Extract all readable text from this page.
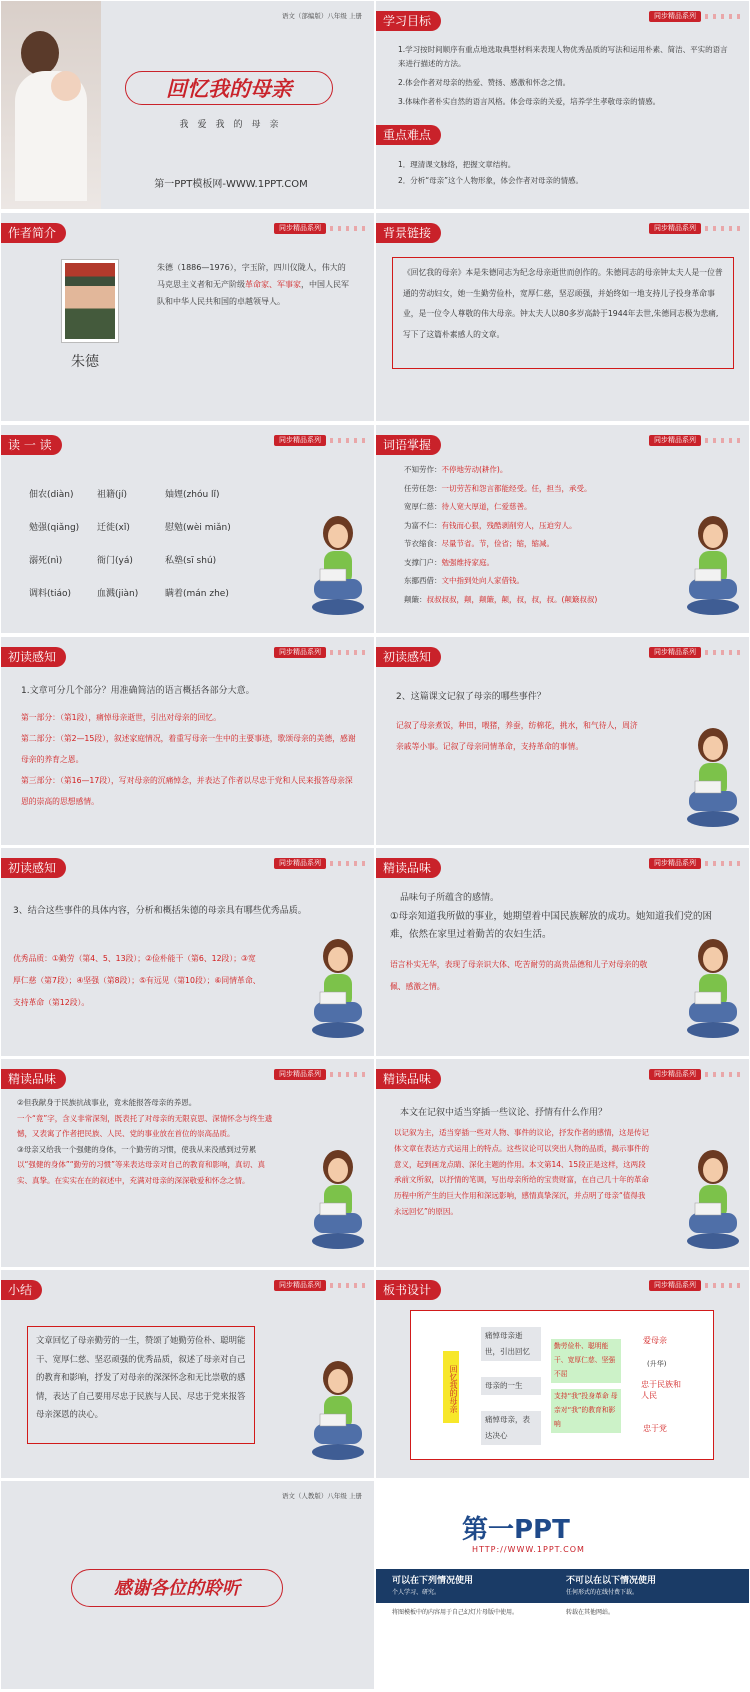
语文（部编版）八年级 上册
回忆我的母亲
我　爱　我　的　母　亲
第一PPT模板网-WWW.1PPT.COM
学习目标	同步精品系列

1.学习按时间顺序有重点地选取典型材料来表现人物优秀品质的写法和运用朴素、简洁、平实的语言来进行描述的方法。

2.体会作者对母亲的热爱、赞扬、感激和怀念之情。

3.体味作者朴实自然的语言风格。体会母亲的关爱，培养学生孝敬母亲的情感。

重点难点

1．理清课文脉络，把握文章结构。

2．分析“母亲”这个人物形象，体会作者对母亲的情感。

作者简介	同步精品系列
朱德
朱德（1886—1976），字玉阶，四川仪陇人，伟大的马克思主义者和无产阶级革命家、军事家，中国人民军队和中华人民共和国的卓越领导人。
背景链接	同步精品系列
《回忆我的母亲》本是朱德同志为纪念母亲逝世而创作的。朱德同志的母亲钟太夫人是一位普通的劳动妇女，她一生勤劳俭朴，宽厚仁慈，坚忍顽强，并始终如一地支持儿子投身革命事业，是一位令人尊敬的伟大母亲。钟太夫人以80多岁高龄于1944年去世,朱德同志极为悲痛,写下了这篇朴素感人的文章。
读 一 读	同步精品系列
佃农(diàn)	祖籍(jí)	妯娌(zhóu lǐ)
勉强(qiǎng)	迁徙(xǐ)	慰勉(wèi miǎn)
溺死(nì)	衙门(yá)	私塾(sī shú)
调料(tiáo)	血溅(jiàn)	瞒着(mán zhe)
词语掌握	同步精品系列
不知劳作：不停地劳动(耕作)。
任劳任怨：一切劳苦和怨言都能经受。任，担当，承受。
宽厚仁慈：待人宽大厚道，仁爱慈善。
为富不仁：有钱而心狠，残酷剥削穷人，压迫穷人。
节衣缩食：尽量节省。节，俭省；缩，缩减。
支撑门户：勉强维持家庭。
东挪西借：文中指到处向人家借钱。
颠簸：叔叔叔叔，颠，颠簸，颠，叔，叔，叔。(颠簸叔叔)
初读感知	同步精品系列
1.文章可分几个部分？用准确简洁的语言概括各部分大意。

第一部分：（第1段），痛悼母亲逝世，引出对母亲的回忆。

第二部分：（第2—15段），叙述家庭情况，着重写母亲一生中的主要事迹，歌颂母亲的美德，感谢母亲的养育之恩。

第三部分：（第16—17段），写对母亲的沉痛悼念，并表达了作者以尽忠于党和人民来报答母亲深恩的崇高的思想感情。

初读感知	同步精品系列
2、这篇课文记叙了母亲的哪些事件？
记叙了母亲煮饭，种田，喂猪，养蚕，纺棉花，挑水，和气待人，周济亲戚等小事。记叙了母亲同情革命，支持革命的事情。
初读感知	同步精品系列
3、结合这些事件的具体内容，分析和概括朱德的母亲具有哪些优秀品质。
优秀品质：①勤劳（第4、5、13段）；②俭朴能干（第6、12段）；③宽厚仁慈（第7段）；④坚强（第8段）；⑤有远见（第10段）；⑥同情革命、支持革命（第12段）。
精读品味	同步精品系列
品味句子所蕴含的感情。
①母亲知道我所做的事业，她期望着中国民族解放的成功。她知道我们党的困难，依然在家里过着勤苦的农妇生活。
语言朴实无华，表现了母亲识大体、吃苦耐劳的高贵品德和儿子对母亲的敬佩、感激之情。
精读品味	同步精品系列

②但我献身于民族抗战事业，竟未能报答母亲的养恩。

一个“竟”字，含义非常深刻，既表托了对母亲的无限哀思、深情怀念与终生遗憾，又表寓了作者把民族、人民、党的事业放在首位的崇高品质。

③母亲又给我一个强健的身体，一个勤劳的习惯，使我从来没感到过劳累

以“强健的身体”“勤劳的习惯”等来表达母亲对自己的教育和影响，真切、真实、真挚。在实实在在的叙述中，充满对母亲的深深敬爱和怀念之情。

精读品味	同步精品系列
本文在记叙中适当穿插一些议论、抒情有什么作用？
以记叙为主，适当穿插一些对人物、事件的议论，抒发作者的感情，这是传记体文章在表达方式运用上的特点。这些议论可以突出人物的品质，揭示事件的意义，起到画龙点睛、深化主题的作用。本文第14、15段正是这样，这两段承前文所叙，以抒情的笔调，写出母亲所给的宝贵财富，在自己几十年的革命历程中所产生的巨大作用和深远影响，感情真挚深沉，并点明了母亲“值得我永远回忆”的原因。
小结	同步精品系列
文章回忆了母亲勤劳的一生，赞颂了她勤劳俭朴、聪明能干、宽厚仁慈、坚忍顽强的优秀品质，叙述了母亲对自己的教育和影响，抒发了对母亲的深深怀念和无比崇敬的感情，表达了自己要用尽忠于民族与人民、尽忠于党来报答母亲深恩的决心。
板书设计	同步精品系列
回忆我的母亲
痛悼母亲逝世，引出回忆
母亲的一生
痛悼母亲，表达决心
勤劳俭朴、聪明能干、宽厚仁慈、坚强不屈
支持“我”投身革命 母亲对“我”的教育和影响
爱母亲
(升华)
忠于民族和人民
忠于党
语文（人教版）八年级 上册
感谢各位的聆听
第一PPT
HTTP://WWW.1PPT.COM
可以在下列情况使用	不可以在以下情况使用
个人学习、研究。	任何形式的在线付费下载。
将图模板中的内容用于自己幻灯片母版中使用。	转载在其他网站。
